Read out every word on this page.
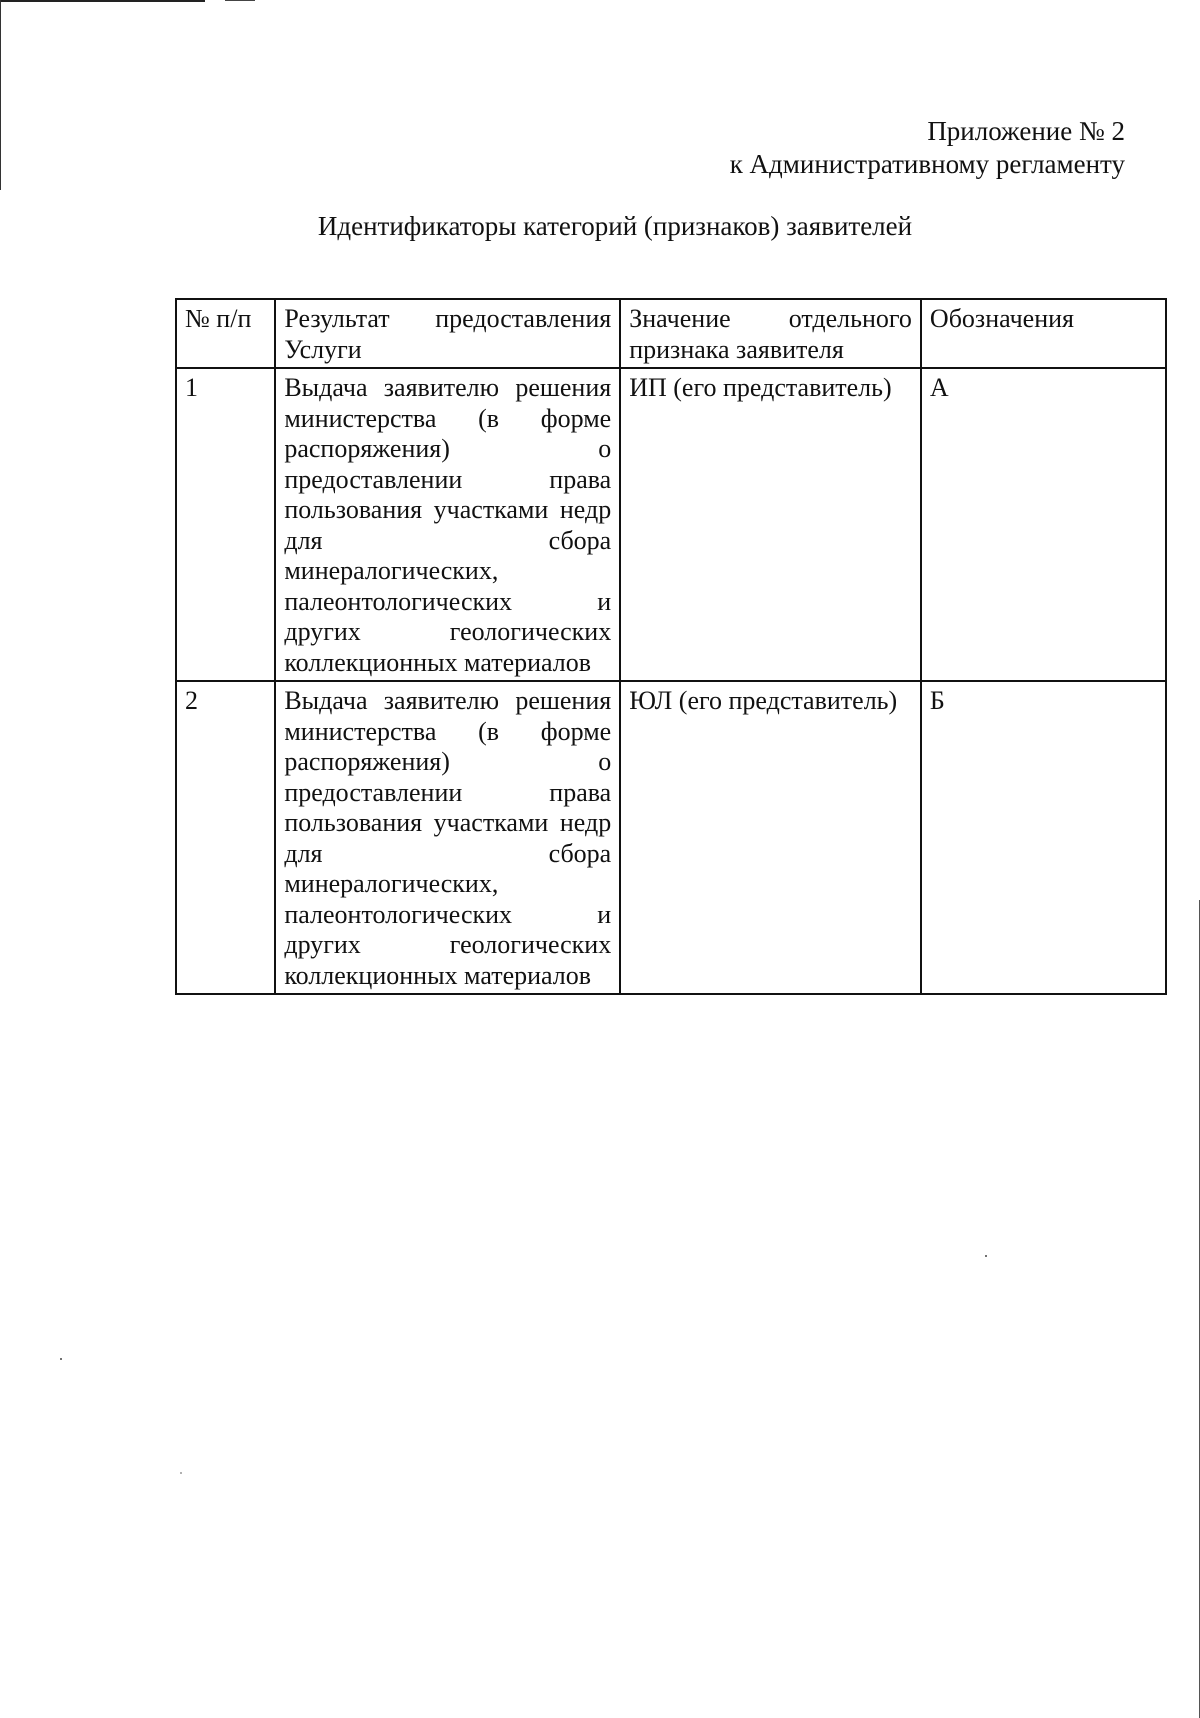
Приложение № 2
к Административному регламенту
Идентификаторы категорий (признаков) заявителей
№ п/п	Результат предоставления Услуги	Значение отдельного признака заявителя	Обозначения
1	Выдача заявителю решения министерства (в форме распоряжения) о предоставлении права пользования участками недр для сбора минералогических, палеонтологических и других геологических коллекционных материалов	ИП (его представитель)	А
2	Выдача заявителю решения министерства (в форме распоряжения) о предоставлении права пользования участками недр для сбора минералогических, палеонтологических и других геологических коллекционных материалов	ЮЛ (его представитель)	Б
